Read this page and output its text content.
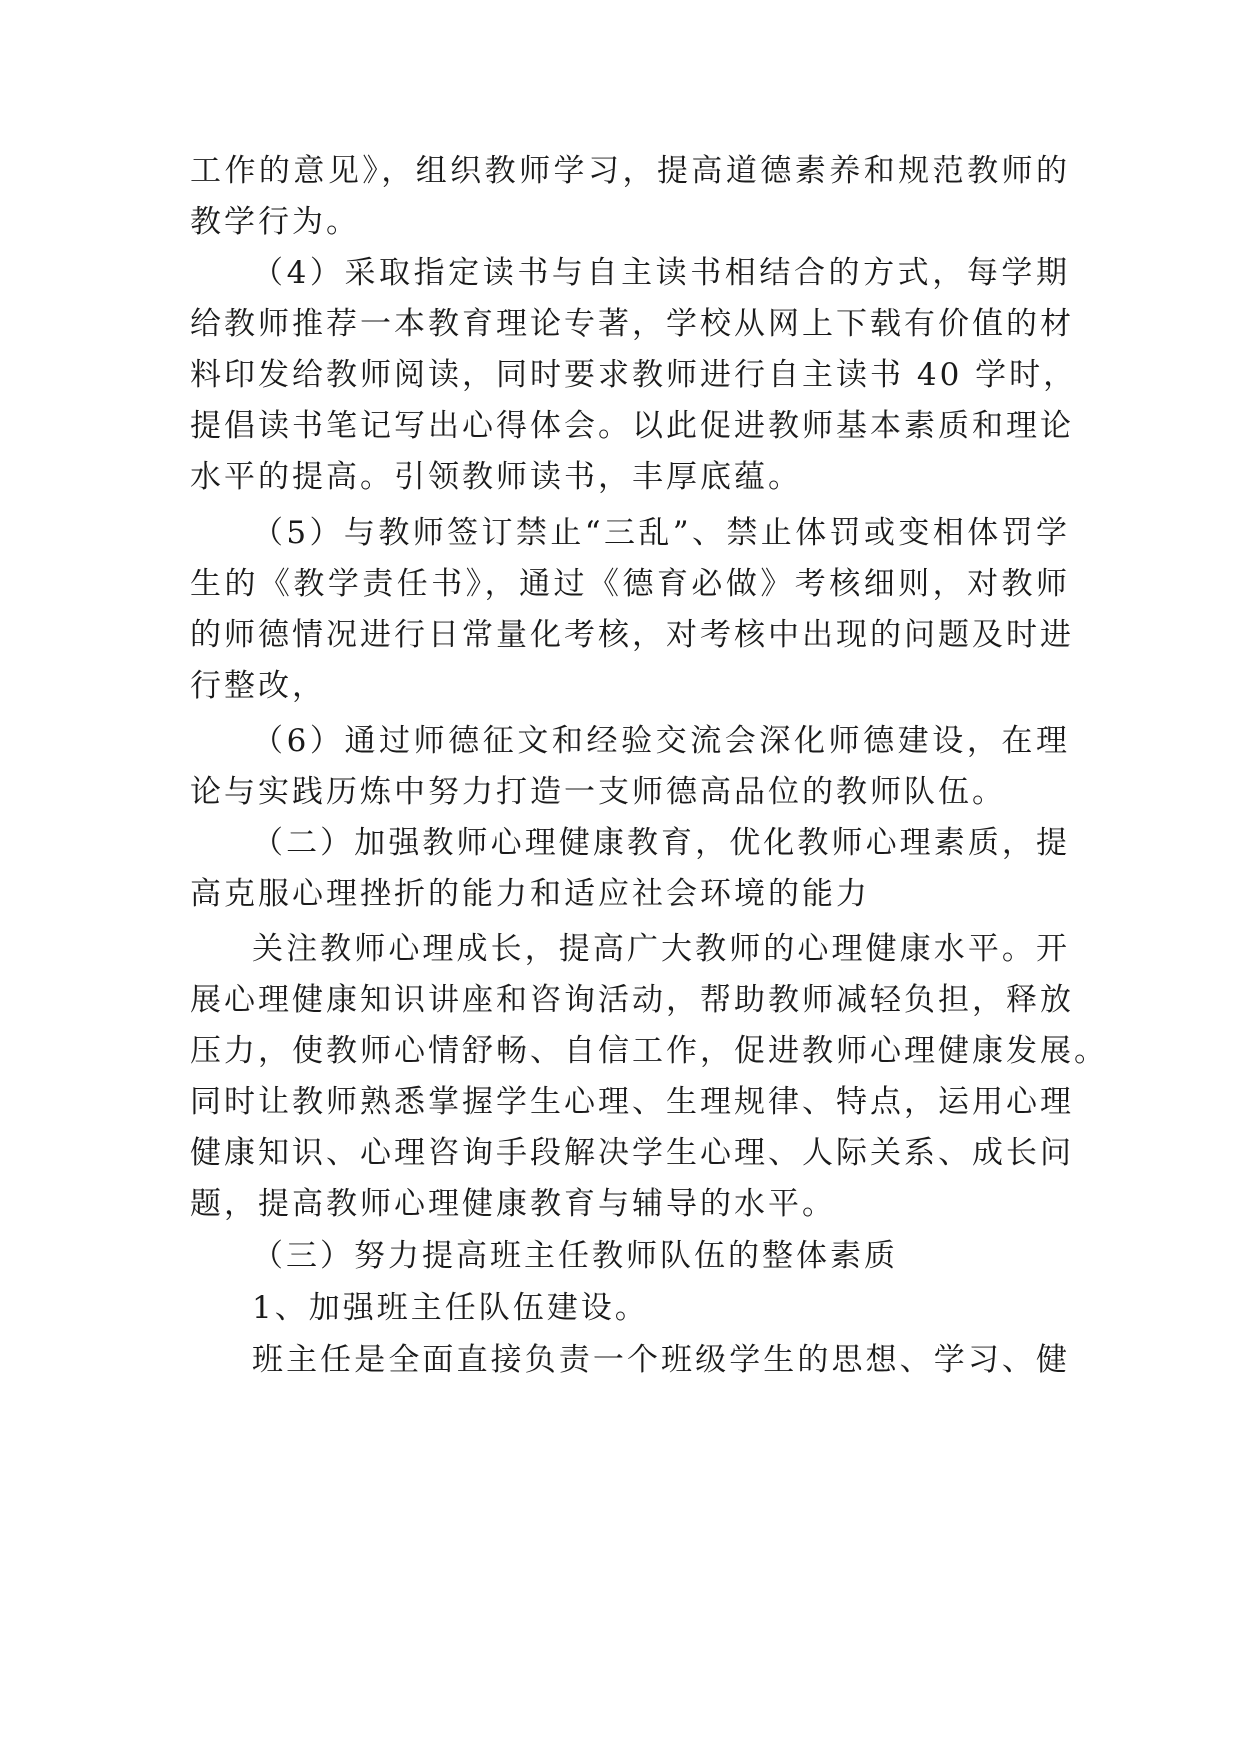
工作的意见》，组织教师学习，提高道德素养和规范教师的
教学行为。
（4）采取指定读书与自主读书相结合的方式，每学期
给教师推荐一本教育理论专著，学校从网上下载有价值的材
料印发给教师阅读，同时要求教师进行自主读书 40 学时，
提倡读书笔记写出心得体会。以此促进教师基本素质和理论
水平的提高。引领教师读书，丰厚底蕴。
（5）与教师签订禁止“三乱”、禁止体罚或变相体罚学
生的《教学责任书》，通过《德育必做》考核细则，对教师
的师德情况进行日常量化考核，对考核中出现的问题及时进
行整改，
（6）通过师德征文和经验交流会深化师德建设，在理
论与实践历炼中努力打造一支师德高品位的教师队伍。
（二）加强教师心理健康教育，优化教师心理素质，提
高克服心理挫折的能力和适应社会环境的能力
关注教师心理成长，提高广大教师的心理健康水平。开
展心理健康知识讲座和咨询活动，帮助教师减轻负担，释放
压力，使教师心情舒畅、自信工作，促进教师心理健康发展。
同时让教师熟悉掌握学生心理、生理规律、特点，运用心理
健康知识、心理咨询手段解决学生心理、人际关系、成长问
题，提高教师心理健康教育与辅导的水平。
（三）努力提高班主任教师队伍的整体素质
1、加强班主任队伍建设。
班主任是全面直接负责一个班级学生的思想、学习、健
